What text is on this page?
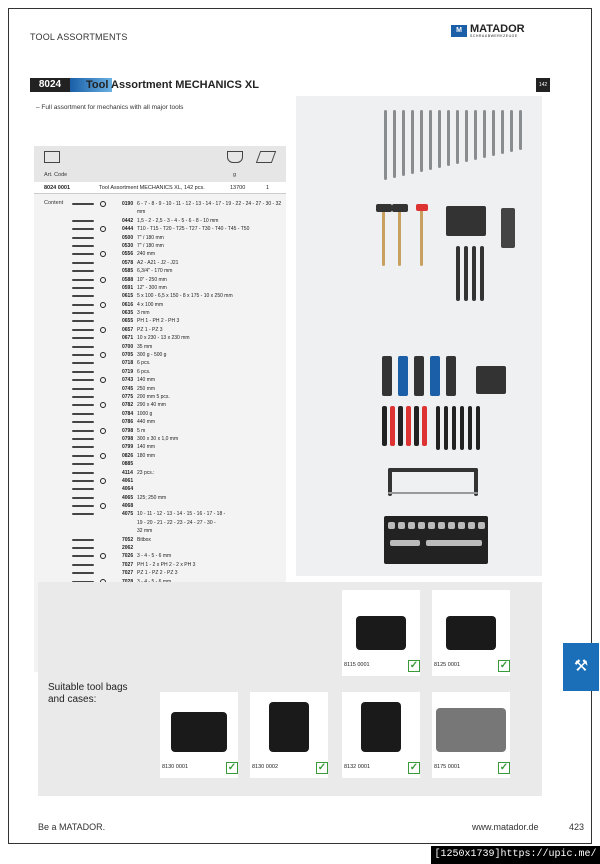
TOOL ASSORTMENTS
M MATADOR
SCHRAUBWERKZEUGE
8024	Tool Assortment MECHANICS XL	142
– Full assortment for mechanics with all major tools
Art. Code	g
8024 0001	Tool Assortment MECHANICS XL, 142 pcs.	13700	1
Content	0190 6 - 7 - 8 - 9 - 10 - 11 - 12 - 13 - 14 - 17 - 19 - 22 - 24 - 27 - 30 - 32
mm
0442 1,5 - 2 - 2,5 - 3 - 4 - 5 - 6 - 8 - 10 mm
0444 T10 - T15 - T20 - T25 - T27 - T30 - T40 - T45 - T50
0500 7" / 180 mm
0530 7" / 180 mm
0556 240 mm
0578 A2 - A21 - J2 - J21
0585 6,3/4" - 170 mm
0588 10" - 250 mm
0591 12" - 300 mm
0615 5 x 100 - 6,5 x 150 - 8 x 175 - 10 x 250 mm
0616 4 x 100 mm
0635 3 mm
0655 PH 1 - PH 2 - PH 3
0657 PZ 1 - PZ 3
0671 10 x 230 - 13 x 230 mm
0700 35 mm
0705 300 g - 500 g
0718 6 pcs.
0719 6 pcs.
0743 140 mm
0745 250 mm
0775 200 mm 5 pcs.
0782 290 x 40 mm
0784 1000 g
0786 440 mm
0798 5 m
0798 300 x 30 x 1,0 mm
0799 140 mm
0826 180 mm
0885
4114 23 pcs.:
4061
4064
4065 125; 250 mm
4068
4075 10 - 11 - 12 - 13 - 14 - 15 - 16 - 17 - 18 -
19 - 20 - 21 - 22 - 23 - 24 - 27 - 30 -
32 mm
7052 Bitbox
2062
7026 3 - 4 - 5 - 6 mm
7027 PH 1 - 2 x PH 2 - 2 x PH 3
7027 PZ 1 - PZ 2 - PZ 3
Suitable tool bags and cases:
8115 0001	✓	8125 0001	✓
8130 0001	✓	8130 0002	✓	8132 0001	✓	8175 0001	✓
⚒
Be a MATADOR.	www.matador.de	423
[1250x1739]https://upic.me/
